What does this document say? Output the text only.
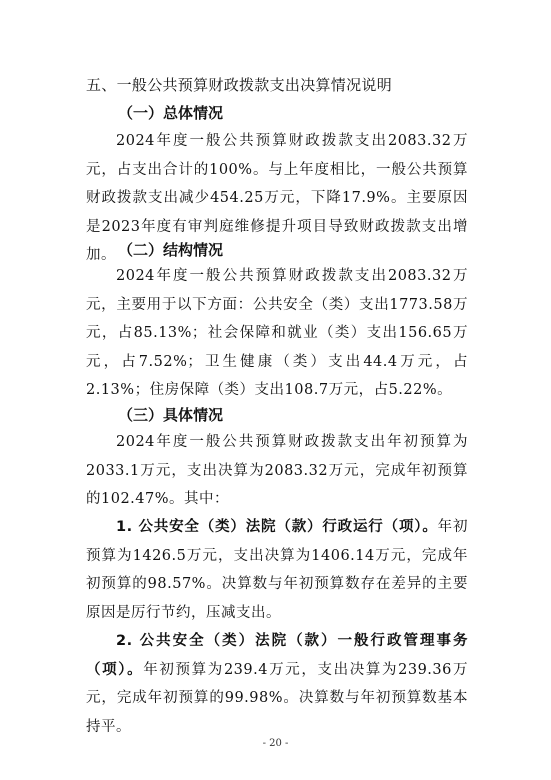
五、一般公共预算财政拨款支出决算情况说明
（一）总体情况
2024年度一般公共预算财政拨款支出2083.32万元，占支出合计的100%。与上年度相比，一般公共预算财政拨款支出减少454.25万元，下降17.9%。主要原因是2023年度有审判庭维修提升项目导致财政拨款支出增加。 （二）结构情况
2024年度一般公共预算财政拨款支出2083.32万元，主要用于以下方面：公共安全（类）支出1773.58万元，占85.13%；社会保障和就业（类）支出156.65万元，占7.52%；卫生健康（类）支出44.4万元，占2.13%；住房保障（类）支出108.7万元，占5.22%。
（三）具体情况
2024年度一般公共预算财政拨款支出年初预算为2033.1万元，支出决算为2083.32万元，完成年初预算的102.47%。其中：
1. 公共安全（类）法院（款）行政运行（项）。年初预算为1426.5万元，支出决算为1406.14万元，完成年初预算的98.57%。决算数与年初预算数存在差异的主要原因是厉行节约，压减支出。
2. 公共安全（类）法院（款）一般行政管理事务（项）。年初预算为239.4万元，支出决算为239.36万元，完成年初预算的99.98%。决算数与年初预算数基本持平。
- 20 -
